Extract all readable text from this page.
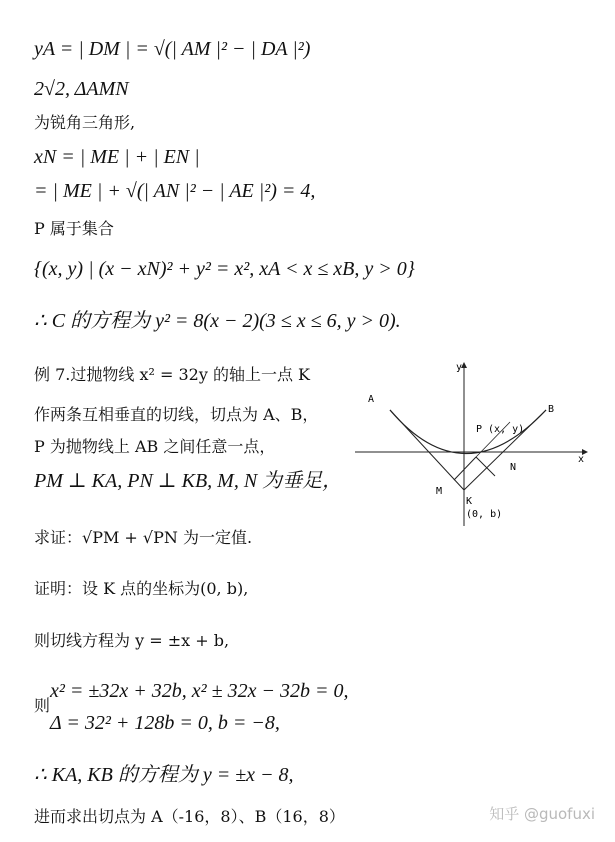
yA = | DM | = √(| AM |² − | DA |²)
2√2, ΔAMN
为锐角三角形,
xN = | ME | + | EN |
= | ME | + √(| AN |² − | AE |²) = 4,
P 属于集合
{(x, y) | (x − xN)² + y² = x², xA < x ≤ xB, y > 0}
∴ C 的方程为 y² = 8(x − 2)(3 ≤ x ≤ 6, y > 0).
例 7.过抛物线 x² = 32y 的轴上一点 K
作两条互相垂直的切线，切点为 A、B，
P 为抛物线上 AB 之间任意一点，
PM ⊥ KA, PN ⊥ KB, M, N 为垂足，
求证：√PM + √PN 为一定值.
证明：设 K 点的坐标为(0, b),
则切线方程为 y = ±x + b,
x² = ±32x + 32b, x² ± 32x − 32b = 0,
则
Δ = 32² + 128b = 0, b = −8,
∴ KA, KB 的方程为 y = ±x − 8,
进而求出切点为 A（-16，8）、B（16，8）
y
x
A
B
P (x, y)
N
M
K
(0, b)
知乎 @guofuxi
